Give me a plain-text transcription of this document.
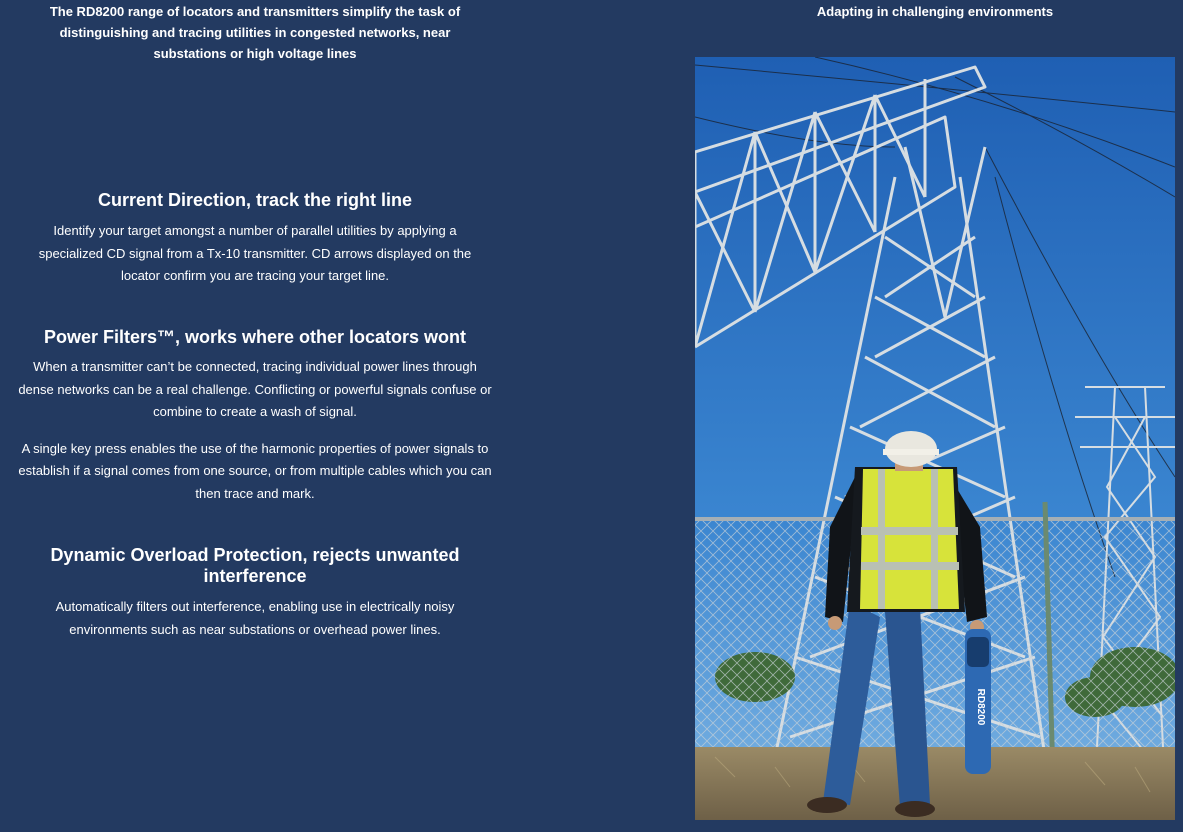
The RD8200 range of locators and transmitters simplify the task of distinguishing and tracing utilities in congested networks, near substations or high voltage lines

Current Direction, track the right line

Identify your target amongst a number of parallel utilities by applying a specialized CD signal from a Tx-10 transmitter. CD arrows displayed on the locator confirm you are tracing your target line.

Power Filters™, works where other locators wont

When a transmitter can’t be connected, tracing individual power lines through dense networks can be a real challenge. Conflicting or powerful signals confuse or combine to create a wash of signal.

A single key press enables the use of the harmonic properties of power signals to establish if a signal comes from one source, or from multiple cables which you can then trace and mark.

Dynamic Overload Protection, rejects unwanted interference

Automatically filters out interference, enabling use in electrically noisy environments such as near substations or overhead power lines.

Adapting in challenging environments

RD8200
